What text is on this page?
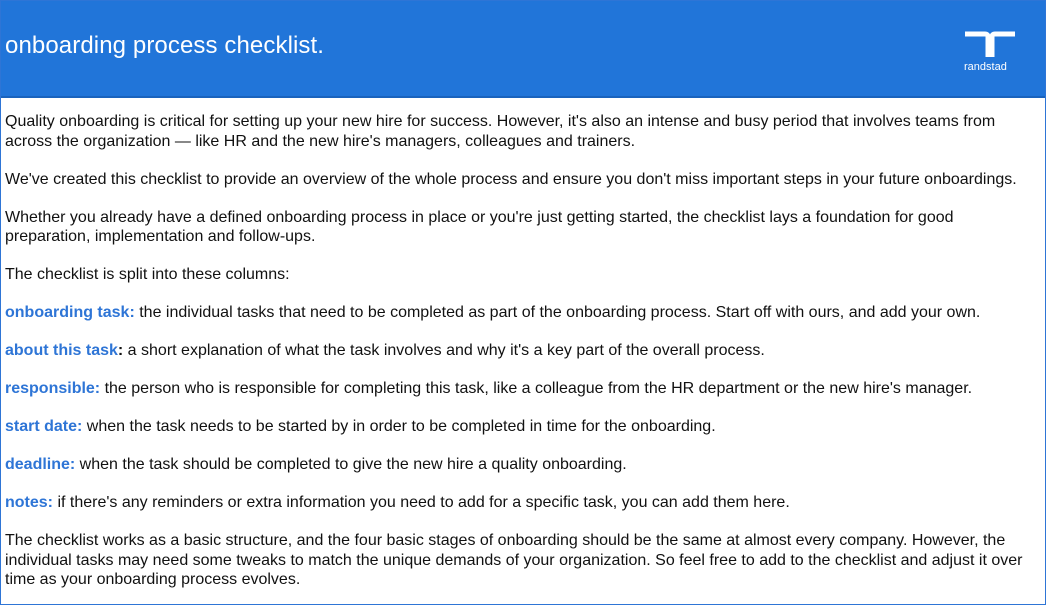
onboarding process checklist.
randstad

Quality onboarding is critical for setting up your new hire for success. However, it's also an intense and busy period that involves teams from across the organization — like HR and the new hire's managers, colleagues and trainers.

We've created this checklist to provide an overview of the whole process and ensure you don't miss important steps in your future onboardings.

Whether you already have a defined onboarding process in place or you're just getting started, the checklist lays a foundation for good preparation, implementation and follow-ups.

The checklist is split into these columns:

onboarding task: the individual tasks that need to be completed as part of the onboarding process. Start off with ours, and add your own.

about this task: a short explanation of what the task involves and why it's a key part of the overall process.

responsible: the person who is responsible for completing this task, like a colleague from the HR department or the new hire's manager.

start date: when the task needs to be started by in order to be completed in time for the onboarding.

deadline: when the task should be completed to give the new hire a quality onboarding.

notes: if there's any reminders or extra information you need to add for a specific task, you can add them here.

The checklist works as a basic structure, and the four basic stages of onboarding should be the same at almost every company. However, the individual tasks may need some tweaks to match the unique demands of your organization. So feel free to add to the checklist and adjust it over time as your onboarding process evolves.
